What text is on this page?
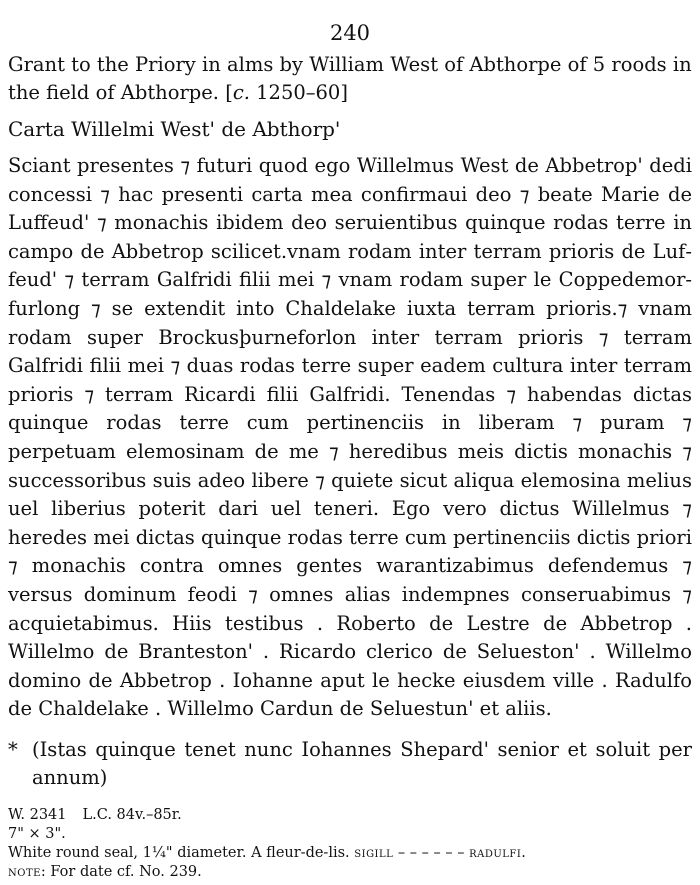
240
Grant to the Priory in alms by William West of Abthorpe of 5 roods in the field of Abthorpe. [c. 1250–60]
Carta Willelmi West' de Abthorp'
Sciant presentes ⁊ futuri quod ego Willelmus West de Abbetrop' dedi concessi ⁊ hac presenti carta mea confirmaui deo ⁊ beate Marie de Luffeud' ⁊ monachis ibidem deo seruientibus quinque rodas terre in campo de Abbetrop scilicet.vnam rodam inter terram prioris de Luffeud' ⁊ terram Galfridi filii mei ⁊ vnam rodam super le Coppedemorfurlong ⁊ se extendit into Chaldelake iuxta terram prioris.⁊ vnam rodam super Brockusþurneforlon inter terram prioris ⁊ terram Galfridi filii mei ⁊ duas rodas terre super eadem cultura inter terram prioris ⁊ terram Ricardi filii Galfridi. Tenendas ⁊ habendas dictas quinque rodas terre cum pertinenciis in liberam ⁊ puram ⁊ perpetuam elemosinam de me ⁊ heredibus meis dictis monachis ⁊ successoribus suis adeo libere ⁊ quiete sicut aliqua elemosina melius uel liberius poterit dari uel teneri. Ego vero dictus Willelmus ⁊ heredes mei dictas quinque rodas terre cum pertinenciis dictis priori ⁊ monachis contra omnes gentes warantizabimus defendemus ⁊ versus dominum feodi ⁊ omnes alias indempnes conseruabimus ⁊ acquietabimus. Hiis testibus . Roberto de Lestre de Abbetrop . Willelmo de Branteston' . Ricardo clerico de Selueston' . Willelmo domino de Abbetrop . Iohanne aput le hecke eiusdem ville . Radulfo de Chaldelake . Willelmo Cardun de Seluestun' et aliis.
* (Istas quinque tenet nunc Iohannes Shepard' senior et soluit per annum)
W. 2341 L.C. 84v.–85r.
7" × 3".
White round seal, 1¼" diameter. A fleur-de-lis. sigill – – – – – – radulfi.
note: For date cf. No. 239.
